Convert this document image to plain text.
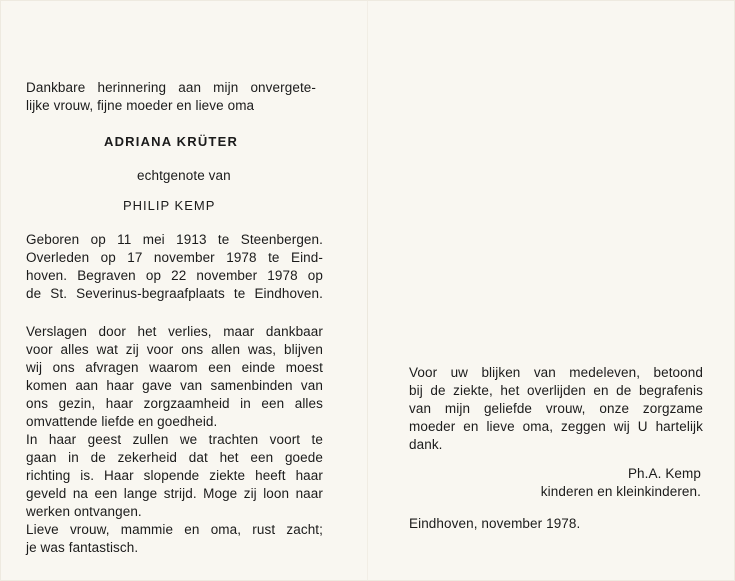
Dankbare herinnering aan mijn onvergete-
lijke vrouw, fijne moeder en lieve oma
ADRIANA KRÜTER
echtgenote van
PHILIP KEMP
Geboren op 11 mei 1913 te Steenbergen.
Overleden op 17 november 1978 te Eind-
hoven. Begraven op 22 november 1978 op
de St. Severinus-begraafplaats te Eindhoven.
Verslagen door het verlies, maar dankbaar
voor alles wat zij voor ons allen was, blijven
wij ons afvragen waarom een einde moest
komen aan haar gave van samenbinden van
ons gezin, haar zorgzaamheid in een alles
omvattende liefde en goedheid.
In haar geest zullen we trachten voort te
gaan in de zekerheid dat het een goede
richting is. Haar slopende ziekte heeft haar
geveld na een lange strijd. Moge zij loon naar
werken ontvangen.
Lieve vrouw, mammie en oma, rust zacht;
je was fantastisch.
Voor uw blijken van medeleven, betoond
bij de ziekte, het overlijden en de begrafenis
van mijn geliefde vrouw, onze zorgzame
moeder en lieve oma, zeggen wij U hartelijk
dank.
Ph.A. Kemp
kinderen en kleinkinderen.
Eindhoven, november 1978.
